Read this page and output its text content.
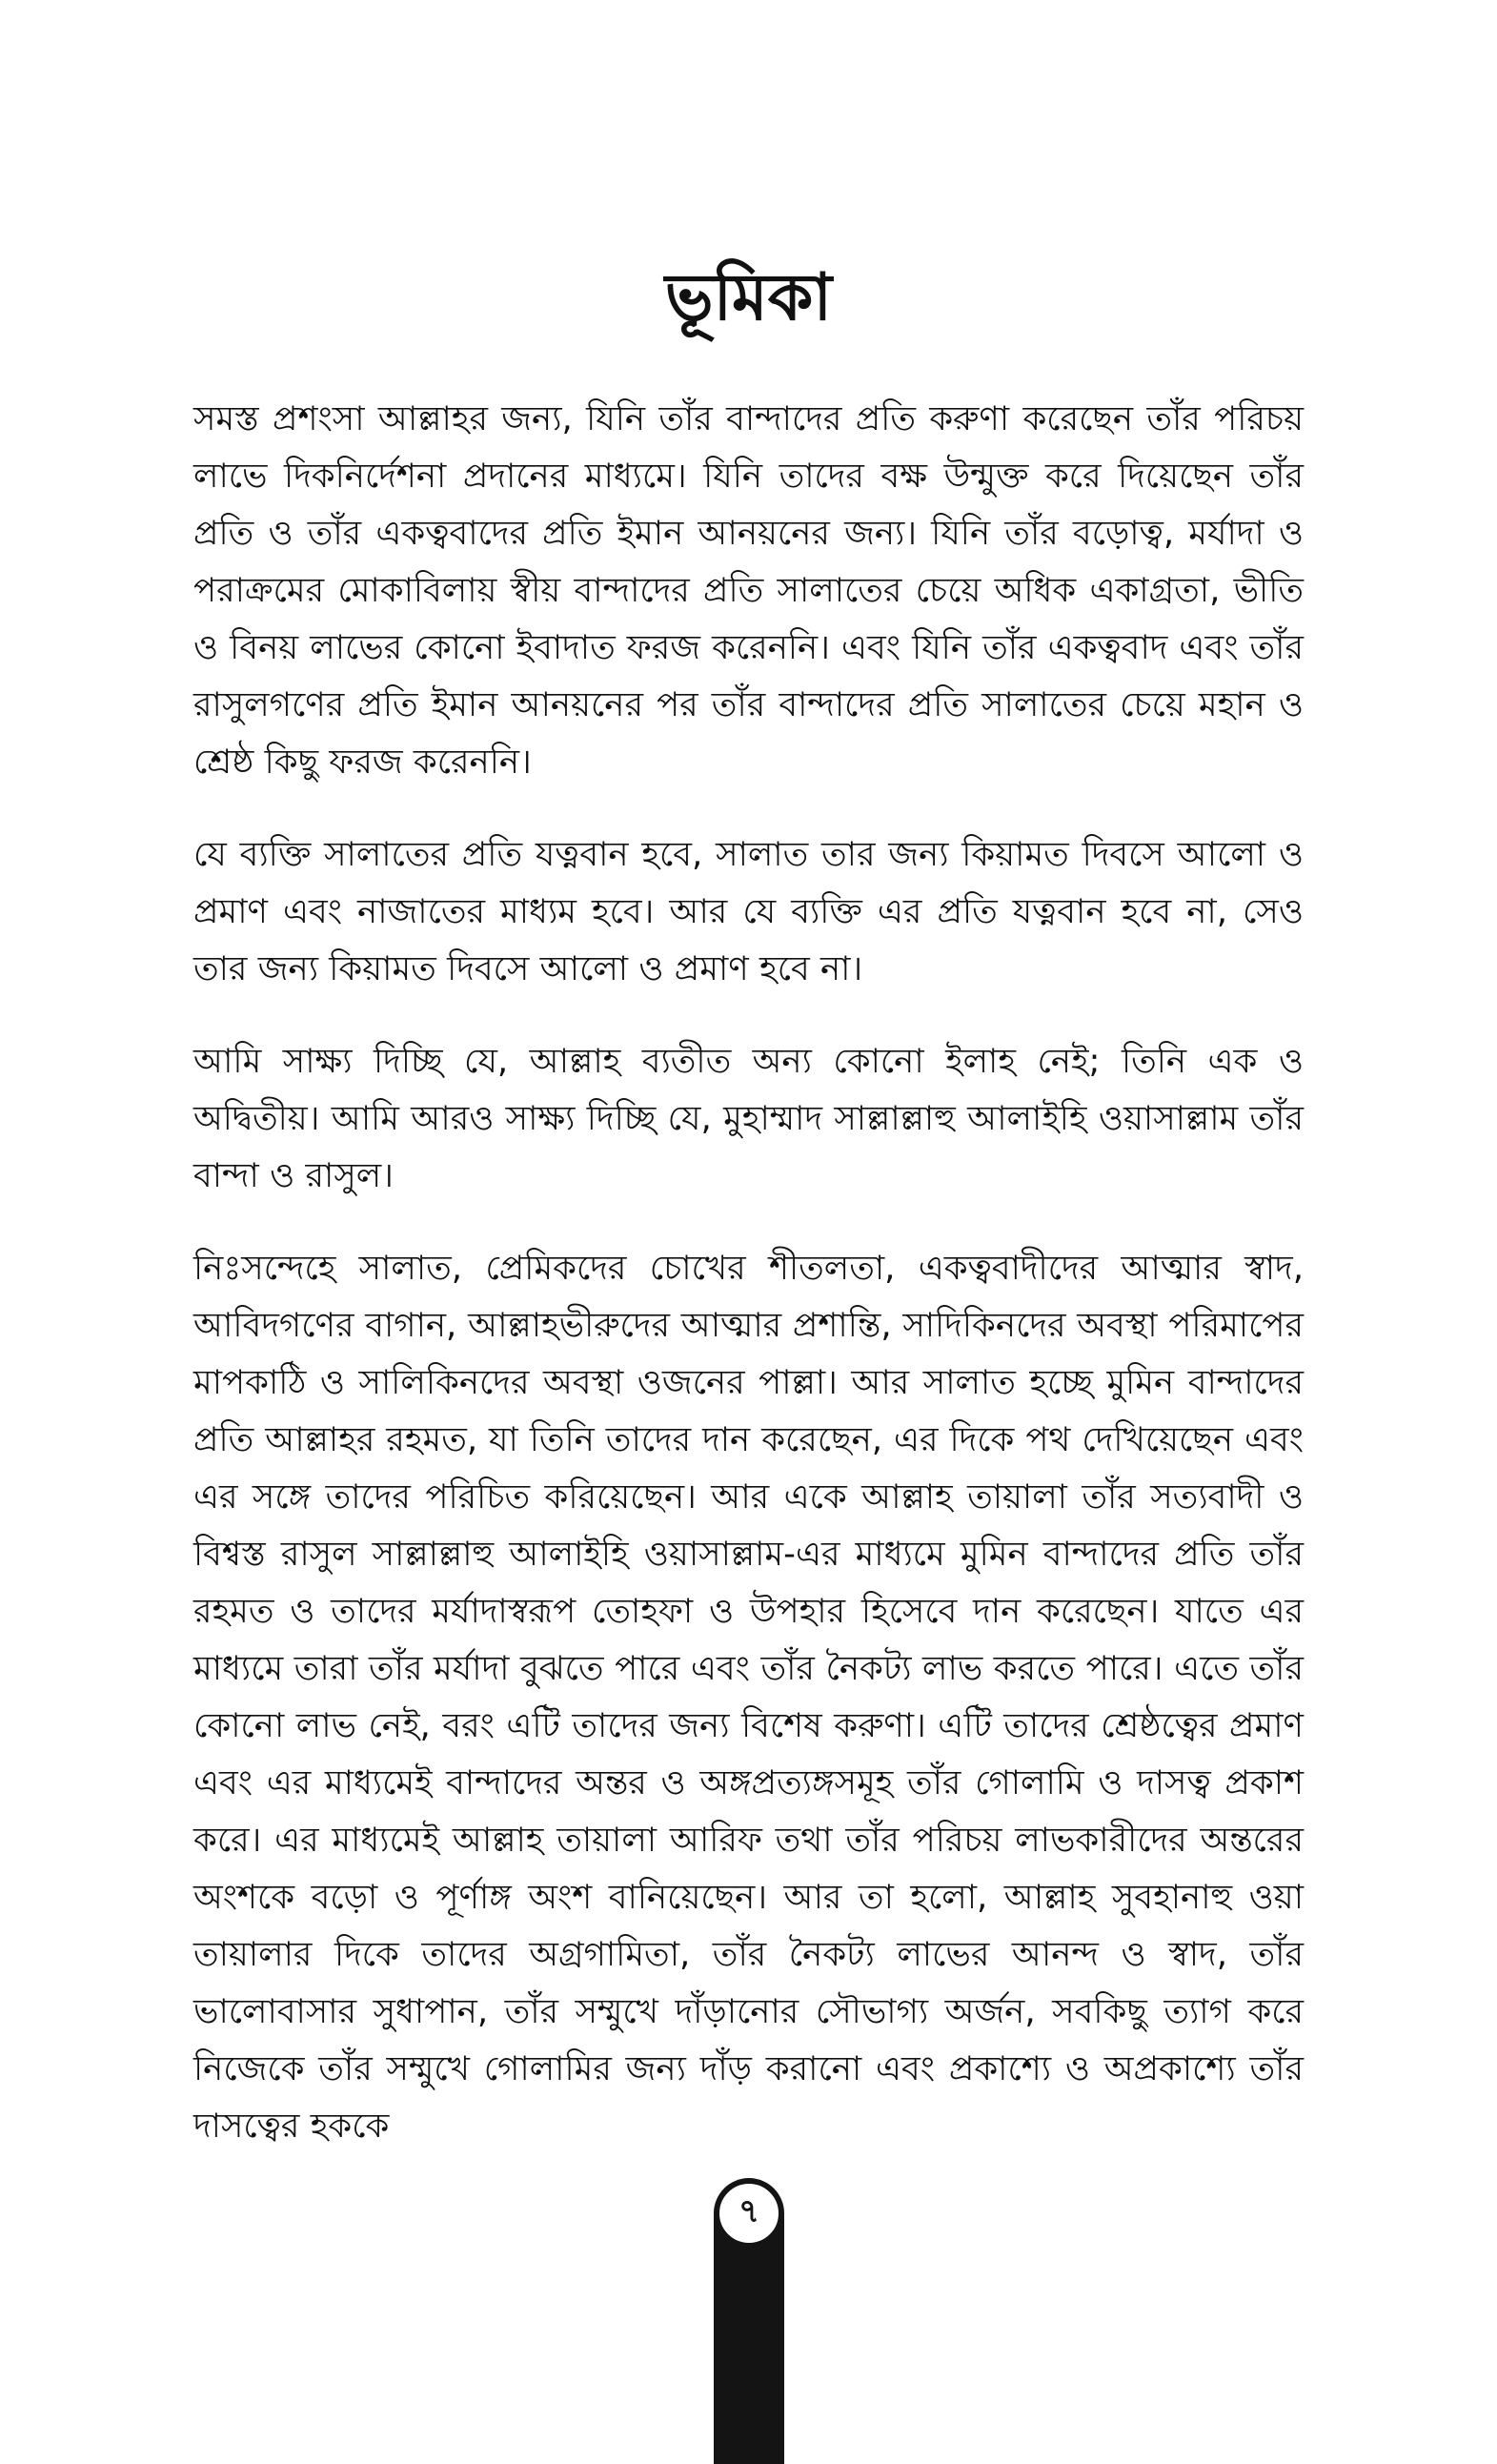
ভূমিকা

সমস্ত প্রশংসা আল্লাহর জন্য, যিনি তাঁর বান্দাদের প্রতি করুণা করেছেন তাঁর পরিচয় লাভে দিকনির্দেশনা প্রদানের মাধ্যমে। যিনি তাদের বক্ষ উন্মুক্ত করে দিয়েছেন তাঁর প্রতি ও তাঁর একত্ববাদের প্রতি ইমান আনয়নের জন্য। যিনি তাঁর বড়োত্ব, মর্যাদা ও পরাক্রমের মোকাবিলায় স্বীয় বান্দাদের প্রতি সালাতের চেয়ে অধিক একাগ্রতা, ভীতি ও বিনয় লাভের কোনো ইবাদাত ফরজ করেননি। এবং যিনি তাঁর একত্ববাদ এবং তাঁর রাসুলগণের প্রতি ইমান আনয়নের পর তাঁর বান্দাদের প্রতি সালাতের চেয়ে মহান ও শ্রেষ্ঠ কিছু ফরজ করেননি।

যে ব্যক্তি সালাতের প্রতি যত্নবান হবে, সালাত তার জন্য কিয়ামত দিবসে আলো ও প্রমাণ এবং নাজাতের মাধ্যম হবে। আর যে ব্যক্তি এর প্রতি যত্নবান হবে না, সেও তার জন্য কিয়ামত দিবসে আলো ও প্রমাণ হবে না।

আমি সাক্ষ্য দিচ্ছি যে, আল্লাহ ব্যতীত অন্য কোনো ইলাহ নেই; তিনি এক ও অদ্বিতীয়। আমি আরও সাক্ষ্য দিচ্ছি যে, মুহাম্মাদ সাল্লাল্লাহু আলাইহি ওয়াসাল্লাম তাঁর বান্দা ও রাসুল।

নিঃসন্দেহে সালাত, প্রেমিকদের চোখের শীতলতা, একত্ববাদীদের আত্মার স্বাদ, আবিদগণের বাগান, আল্লাহভীরুদের আত্মার প্রশান্তি, সাদিকিনদের অবস্থা পরিমাপের মাপকাঠি ও সালিকিনদের অবস্থা ওজনের পাল্লা। আর সালাত হচ্ছে মুমিন বান্দাদের প্রতি আল্লাহর রহমত, যা তিনি তাদের দান করেছেন, এর দিকে পথ দেখিয়েছেন এবং এর সঙ্গে তাদের পরিচিত করিয়েছেন। আর একে আল্লাহ তায়ালা তাঁর সত্যবাদী ও বিশ্বস্ত রাসুল সাল্লাল্লাহু আলাইহি ওয়াসাল্লাম-এর মাধ্যমে মুমিন বান্দাদের প্রতি তাঁর রহমত ও তাদের মর্যাদাস্বরূপ তোহফা ও উপহার হিসেবে দান করেছেন। যাতে এর মাধ্যমে তারা তাঁর মর্যাদা বুঝতে পারে এবং তাঁর নৈকট্য লাভ করতে পারে। এতে তাঁর কোনো লাভ নেই, বরং এটি তাদের জন্য বিশেষ করুণা। এটি তাদের শ্রেষ্ঠত্বের প্রমাণ এবং এর মাধ্যমেই বান্দাদের অন্তর ও অঙ্গপ্রত্যঙ্গসমূহ তাঁর গোলামি ও দাসত্ব প্রকাশ করে। এর মাধ্যমেই আল্লাহ তায়ালা আরিফ তথা তাঁর পরিচয় লাভকারীদের অন্তরের অংশকে বড়ো ও পূর্ণাঙ্গ অংশ বানিয়েছেন। আর তা হলো, আল্লাহ সুবহানাহু ওয়া তায়ালার দিকে তাদের অগ্রগামিতা, তাঁর নৈকট্য লাভের আনন্দ ও স্বাদ, তাঁর ভালোবাসার সুধাপান, তাঁর সম্মুখে দাঁড়ানোর সৌভাগ্য অর্জন, সবকিছু ত্যাগ করে নিজেকে তাঁর সম্মুখে গোলামির জন্য দাঁড় করানো এবং প্রকাশ্যে ও অপ্রকাশ্যে তাঁর দাসত্বের হককে

৭
